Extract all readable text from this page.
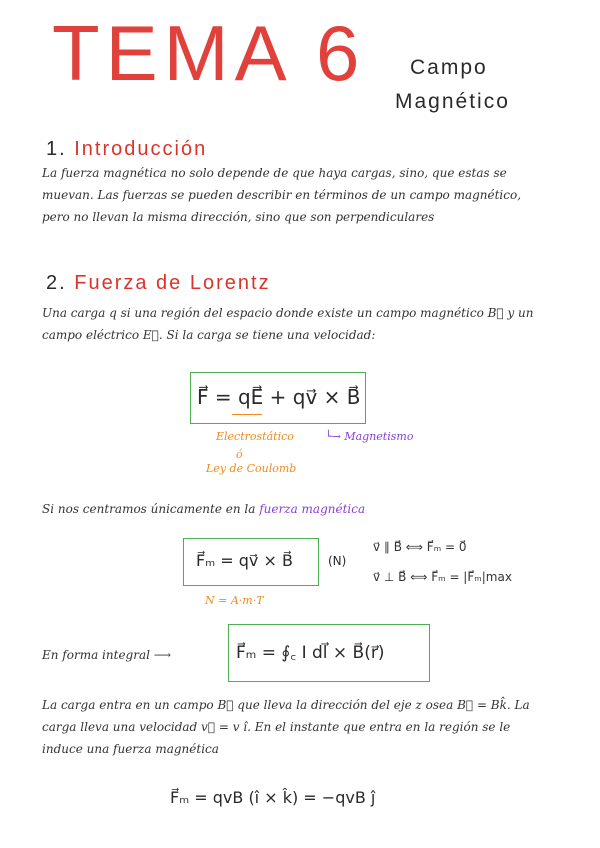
TEMA 6 Campo
Magnético
1. Introducción
La fuerza magnética no solo depende de que haya cargas, sino, que estas se muevan. Las fuerzas se pueden describir en términos de un campo magnético, pero no llevan la misma dirección, sino que son perpendiculares
2. Fuerza de Lorentz
Una carga q si una región del espacio donde existe un campo magnético B⃗ y un campo eléctrico E⃗. Si la carga se tiene una velocidad:
F⃗ = qE⃗ + qv⃗ × B⃗
Electrostático
ó
Ley de Coulomb
└→ Magnetismo
Si nos centramos únicamente en la fuerza magnética
F⃗ₘ = qv⃗ × B⃗	(N)
N = A·m·T
v⃗ ∥ B⃗ ⟺ F⃗ₘ = 0⃗
v⃗ ⊥ B⃗ ⟺ F⃗ₘ = |F⃗ₘ|max
En forma integral ⟶	F⃗ₘ = ∮꜀ I dl⃗ × B⃗(r⃗)
La carga entra en un campo B⃗ que lleva la dirección del eje z osea B⃗ = Bk̂. La carga lleva una velocidad v⃗ = v î. En el instante que entra en la región se le induce una fuerza magnética
F⃗ₘ = qvB (î × k̂) = −qvB ĵ
